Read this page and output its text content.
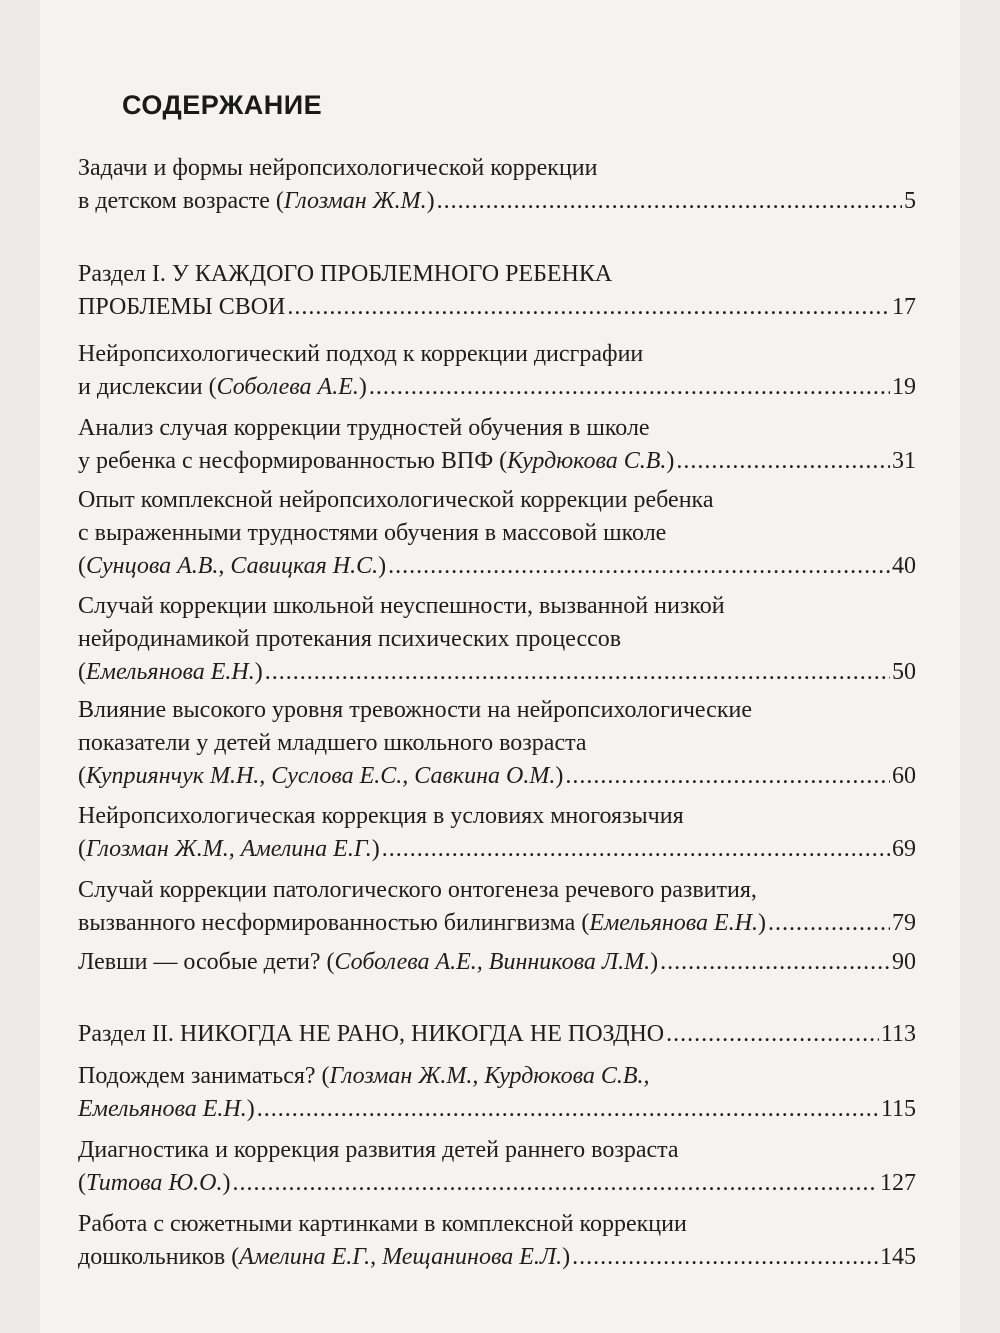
СОДЕРЖАНИЕ
Задачи и формы нейропсихологической коррекции
в детском возрасте (Глозман Ж.М.) .....	5
Раздел I. У КАЖДОГО ПРОБЛЕМНОГО РЕБЕНКА
ПРОБЛЕМЫ СВОИ .....	17
Нейропсихологический подход к коррекции дисграфии
и дислексии (Соболева А.Е.) .....	19
Анализ случая коррекции трудностей обучения в школе
у ребенка с несформированностью ВПФ (Курдюкова С.В.) .....	31
Опыт комплексной нейропсихологической коррекции ребенка
с выраженными трудностями обучения в массовой школе
(Сунцова А.В., Савицкая Н.С.) .....	40
Случай коррекции школьной неуспешности, вызванной низкой
нейродинамикой протекания психических процессов
(Емельянова Е.Н.) .....	50
Влияние высокого уровня тревожности на нейропсихологические
показатели у детей младшего школьного возраста
(Куприянчук М.Н., Суслова Е.С., Савкина О.М.) .....	60
Нейропсихологическая коррекция в условиях многоязычия
(Глозман Ж.М., Амелина Е.Г.) .....	69
Случай коррекции патологического онтогенеза речевого развития,
вызванного несформированностью билингвизма (Емельянова Е.Н.) .....	79
Левши — особые дети? (Соболева А.Е., Винникова Л.М.) .....	90
Раздел II. НИКОГДА НЕ РАНО, НИКОГДА НЕ ПОЗДНО .....	113
Подождем заниматься? (Глозман Ж.М., Курдюкова С.В.,
Емельянова Е.Н.) .....	115
Диагностика и коррекция развития детей раннего возраста
(Титова Ю.О.) .....	127
Работа с сюжетными картинками в комплексной коррекции
дошкольников (Амелина Е.Г., Мещанинова Е.Л.) .....	145
